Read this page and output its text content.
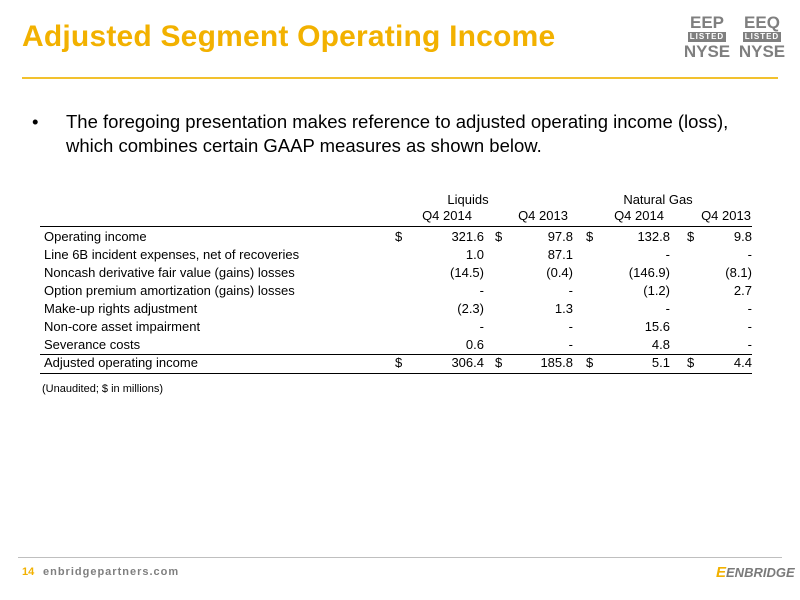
Adjusted Segment Operating Income	EEP
LISTED
NYSE
EEQ
LISTED
NYSE
• The foregoing presentation makes reference to adjusted operating income (loss), which combines certain GAAP measures as shown below.
Liquids	Natural Gas
Q4 2014	Q4 2013	Q4 2014	Q4 2013
Operating income	$	321.6 $	97.8 $	132.8 $	9.8
Line 6B incident expenses, net of recoveries	1.0	87.1	-	-
Noncash derivative fair value (gains) losses	(14.5)	(0.4)	(146.9)	(8.1)
Option premium amortization (gains) losses	-	-	(1.2)	2.7
Make-up rights adjustment	(2.3)	1.3	-	-
Non-core asset impairment	-	-	15.6	-
Severance costs	0.6	-	4.8	-
Adjusted operating income	$	306.4 $	185.8 $	5.1 $	4.4
(Unaudited; $ in millions)
14 enbridgepartners.com	EENBRIDGE
